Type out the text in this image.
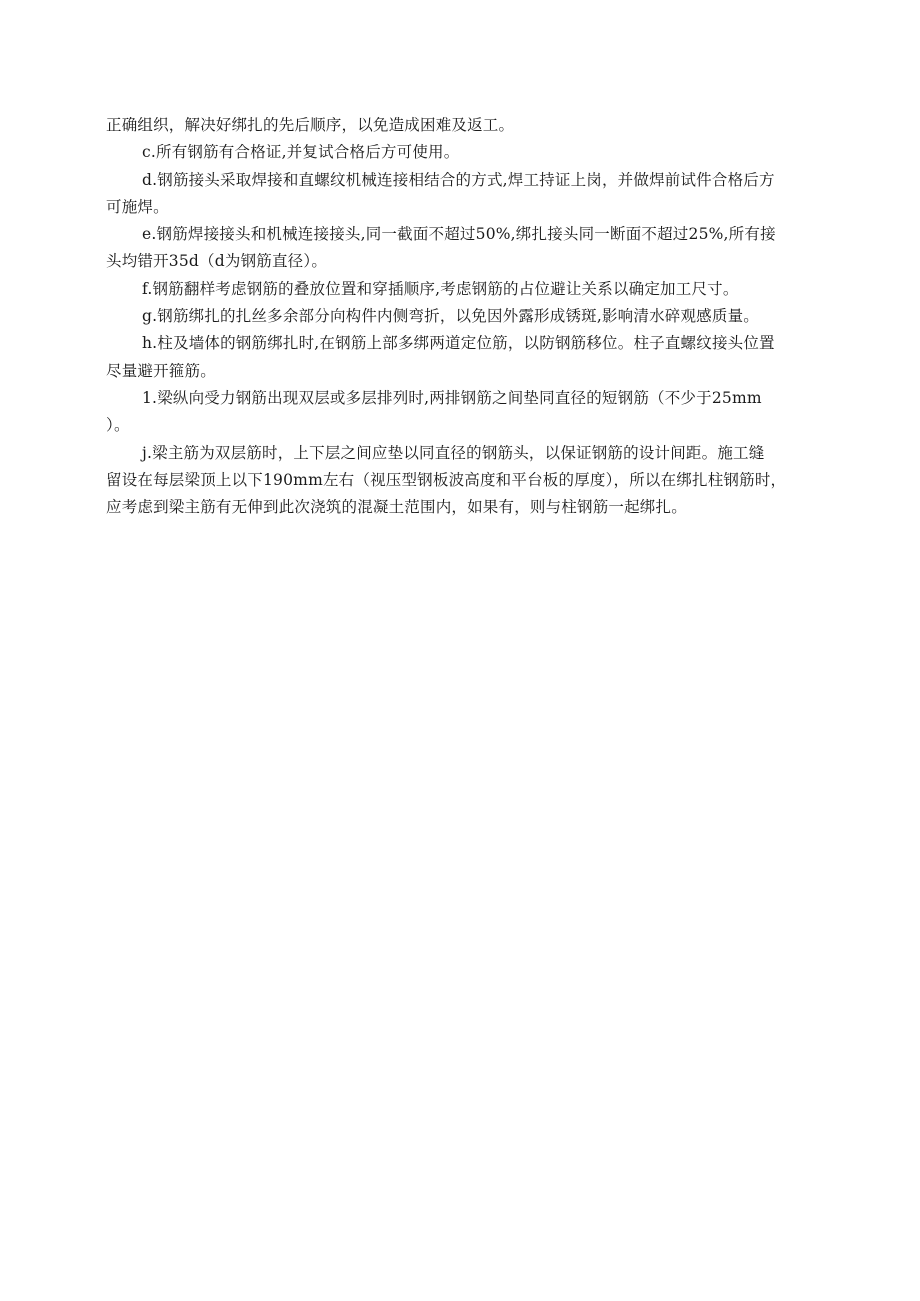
正确组织，解决好绑扎的先后顺序，以免造成困难及返工。

c.所有钢筋有合格证,并复试合格后方可使用。

d.钢筋接头采取焊接和直螺纹机械连接相结合的方式,焊工持证上岗，并做焊前试件合格后方
可施焊。

e.钢筋焊接接头和机械连接接头,同一截面不超过50%,绑扎接头同一断面不超过25%,所有接
头均错开35d（d为钢筋直径）。

f.钢筋翻样考虑钢筋的叠放位置和穿插顺序,考虑钢筋的占位避让关系以确定加工尺寸。

g.钢筋绑扎的扎丝多余部分向构件内侧弯折，以免因外露形成锈斑,影响清水碎观感质量。

h.柱及墙体的钢筋绑扎时,在钢筋上部多绑两道定位筋，以防钢筋移位。柱子直螺纹接头位置
尽量避开箍筋。

1.梁纵向受力钢筋出现双层或多层排列时,两排钢筋之间垫同直径的短钢筋（不少于25mm
）。

j.梁主筋为双层筋时，上下层之间应垫以同直径的钢筋头，以保证钢筋的设计间距。施工缝
留设在每层梁顶上以下190mm左右（视压型钢板波高度和平台板的厚度），所以在绑扎柱钢筋时，
应考虑到梁主筋有无伸到此次浇筑的混凝土范围内，如果有，则与柱钢筋一起绑扎。
